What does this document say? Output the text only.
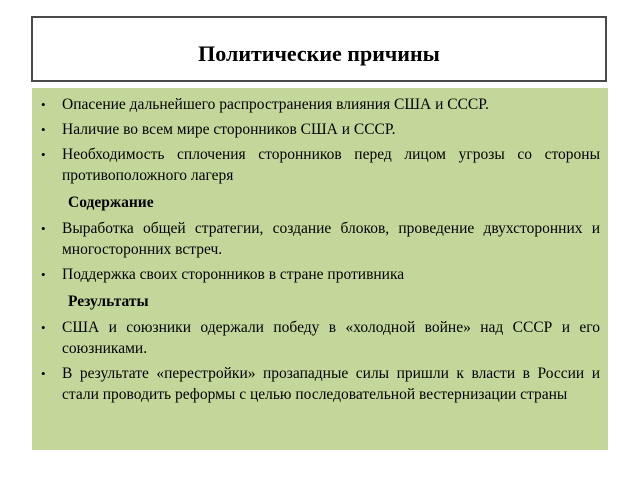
Политические причины
• Опасение дальнейшего распространения влияния США и СССР.
• Наличие во всем мире сторонников США и СССР.
• Необходимость сплочения сторонников перед лицом угрозы со стороны противоположного лагеря
Содержание
• Выработка общей стратегии, создание блоков, проведение двухсторонних и многосторонних встреч.
• Поддержка своих сторонников в стране противника
Результаты
• США и союзники одержали победу в «холодной войне» над СССР и его союзниками.
• В результате «перестройки» прозападные силы пришли к власти в России и стали проводить реформы с целью последовательной вестернизации страны
